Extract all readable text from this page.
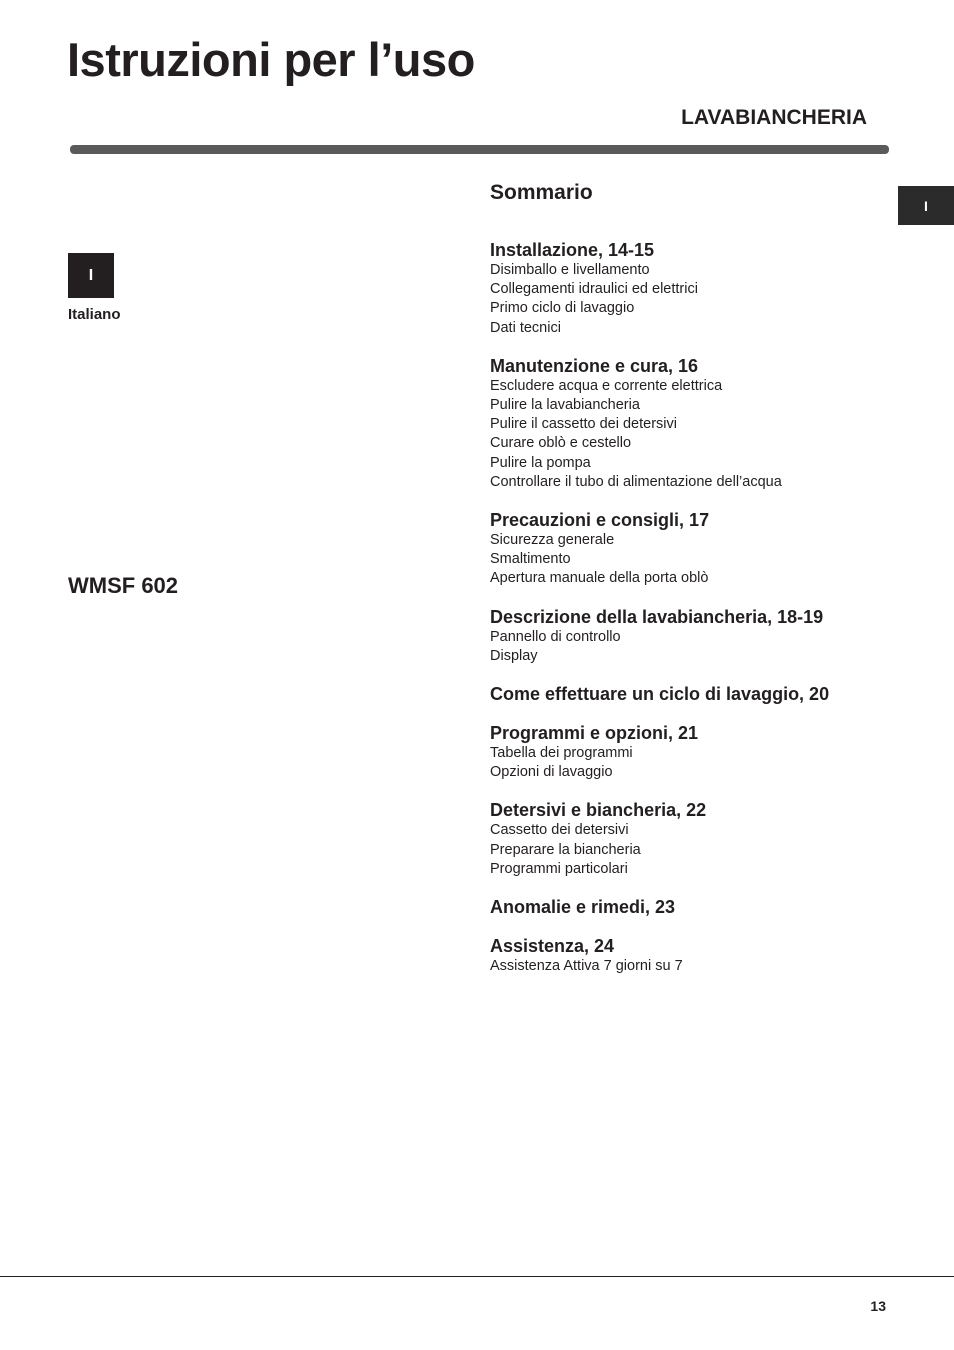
Istruzioni per l’uso
LAVABIANCHERIA
I
I
Italiano
WMSF 602
Sommario
Installazione, 14-15
Disimballo e livellamento
Collegamenti idraulici ed elettrici
Primo ciclo di lavaggio
Dati tecnici
Manutenzione e cura, 16
Escludere acqua e corrente elettrica
Pulire la lavabiancheria
Pulire il cassetto dei detersivi
Curare oblò e cestello
Pulire la pompa
Controllare il tubo di alimentazione dell’acqua
Precauzioni e consigli, 17
Sicurezza generale
Smaltimento
Apertura manuale della porta oblò
Descrizione della lavabiancheria, 18-19
Pannello di controllo
Display
Come effettuare un ciclo di lavaggio, 20
Programmi e opzioni, 21
Tabella dei programmi
Opzioni di lavaggio
Detersivi e biancheria, 22
Cassetto dei detersivi
Preparare la biancheria
Programmi particolari
Anomalie e rimedi, 23
Assistenza, 24
Assistenza Attiva 7 giorni su 7
13
